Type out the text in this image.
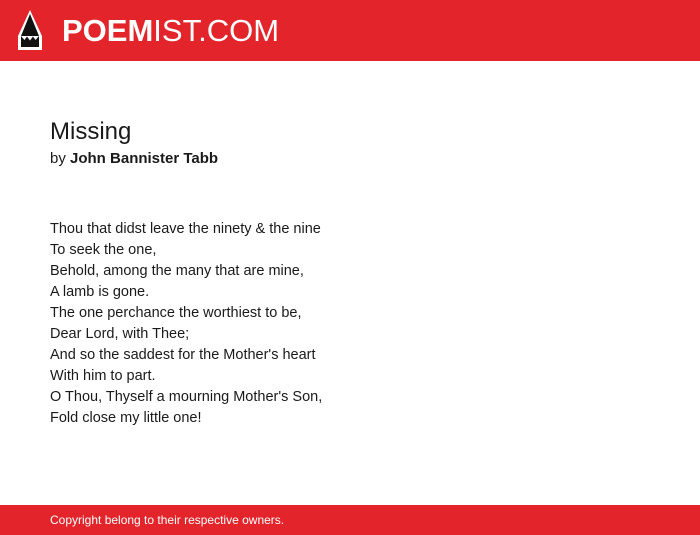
POEMIST.COM
Missing
by John Bannister Tabb
Thou that didst leave the ninety & the nine
To seek the one,
Behold, among the many that are mine,
A lamb is gone.
The one perchance the worthiest to be,
Dear Lord, with Thee;
And so the saddest for the Mother's heart
With him to part.
O Thou, Thyself a mourning Mother's Son,
Fold close my little one!
Copyright belong to their respective owners.
